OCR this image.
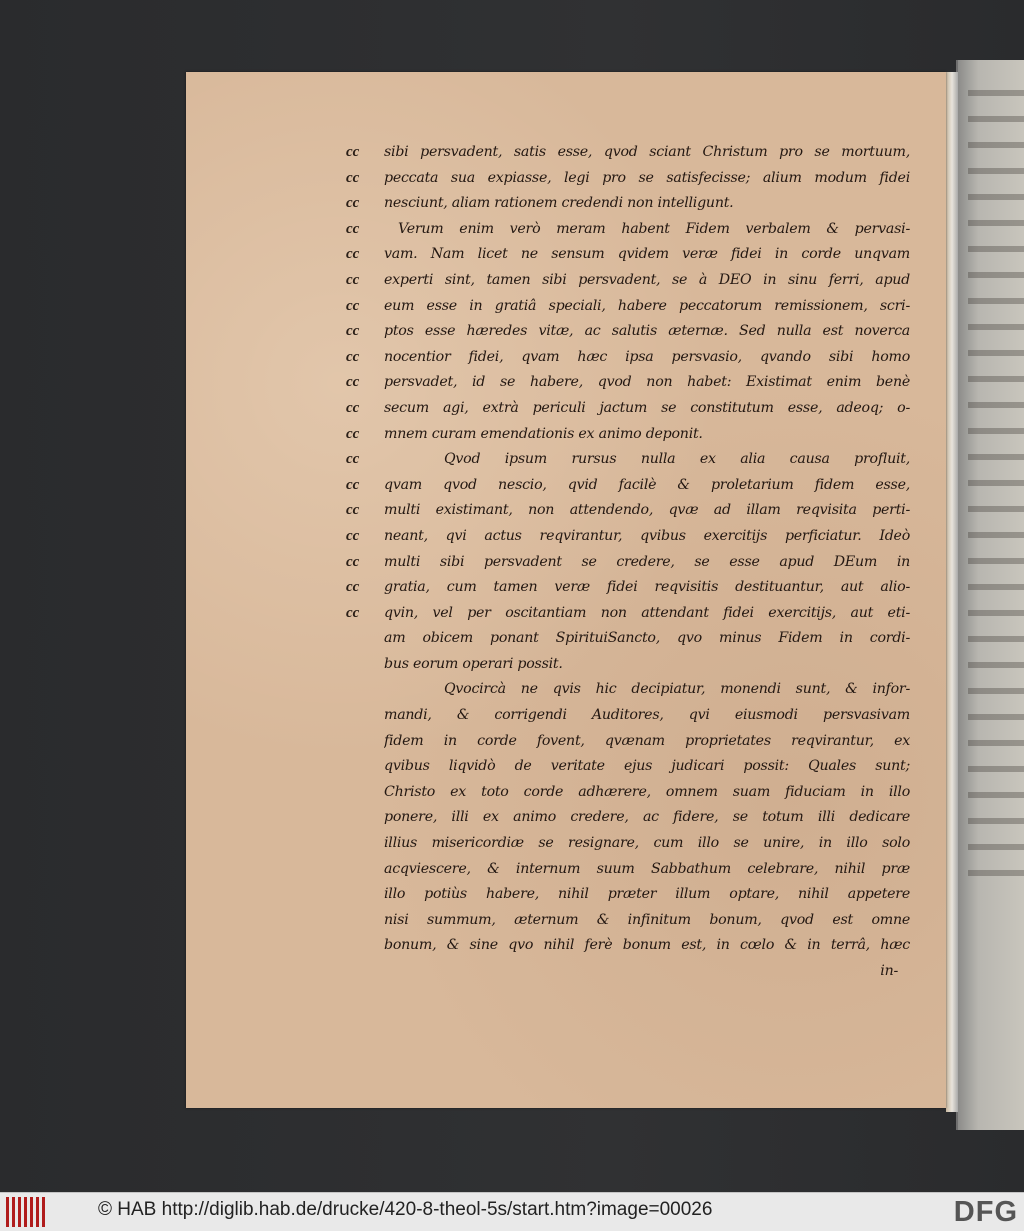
cc
cc
cc
cc
cc
cc
cc
cc
cc
cc
cc
cc
cc
cc
cc
cc
cc
cc
cc
sibi persvadent, satis esse, qvod sciant Christum pro se mortuum,
peccata sua expiasse, legi pro se satisfecisse; alium modum fidei
nesciunt, aliam rationem credendi non intelligunt.
Verum enim verò meram habent Fidem verbalem & pervasi-
vam. Nam licet ne sensum qvidem veræ fidei in corde unqvam
experti sint, tamen sibi persvadent, se à DEO in sinu ferri, apud
eum esse in gratiâ speciali, habere peccatorum remissionem, scri-
ptos esse hæredes vitæ, ac salutis æternæ. Sed nulla est noverca
nocentior fidei, qvam hæc ipsa persvasio, qvando sibi homo
persvadet, id se habere, qvod non habet: Existimat enim benè
secum agi, extrà periculi jactum se constitutum esse, adeoq; o-
mnem curam emendationis ex animo deponit.
Qvod ipsum rursus nulla ex alia causa profluit,
qvam qvod nescio, qvid facilè & proletarium fidem esse,
multi existimant, non attendendo, qvæ ad illam reqvisita perti-
neant, qvi actus reqvirantur, qvibus exercitijs perficiatur. Ideò
multi sibi persvadent se credere, se esse apud DEum in
gratia, cum tamen veræ fidei reqvisitis destituantur, aut alio-
qvin, vel per oscitantiam non attendant fidei exercitijs, aut eti-
am obicem ponant SpirituiSancto, qvo minus Fidem in cordi-
bus eorum operari possit.
Qvocircà ne qvis hic decipiatur, monendi sunt, & infor-
mandi, & corrigendi Auditores, qvi eiusmodi persvasivam
fidem in corde fovent, qvænam proprietates reqvirantur, ex
qvibus liqvidò de veritate ejus judicari possit: Quales sunt;
Christo ex toto corde adhærere, omnem suam fiduciam in illo
ponere, illi ex animo credere, ac fidere, se totum illi dedicare
illius misericordiæ se resignare, cum illo se unire, in illo solo
acqviescere, & internum suum Sabbathum celebrare, nihil præ
illo potiùs habere, nihil præter illum optare, nihil appetere
nisi summum, æternum & infinitum bonum, qvod est omne
bonum, & sine qvo nihil ferè bonum est, in cœlo & in terrâ, hæc
in-
© HAB http://diglib.hab.de/drucke/420-8-theol-5s/start.htm?image=00026	DFG
